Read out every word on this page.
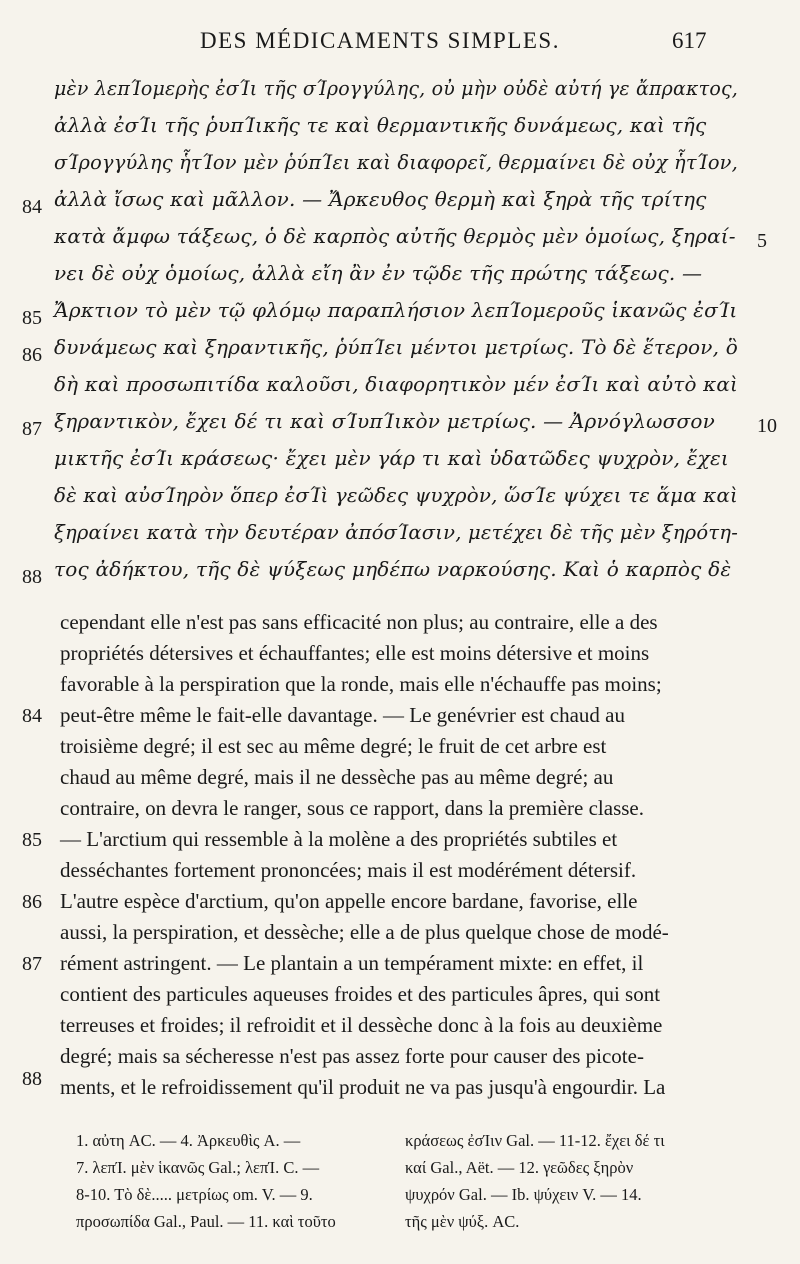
DES MÉDICAMENTS SIMPLES.	617
μὲν λεπΊομερὴς ἐσΊι τῆς σΊρογγύλης, οὐ μὴν οὐδὲ αὐτή γε ἄπρακτος,
ἀλλὰ ἐσΊι τῆς ῥυπΊικῆς τε καὶ θερμαντικῆς δυνάμεως, καὶ τῆς
σΊρογγύλης ἧτΊον μὲν ῥύπΊει καὶ διαφορεῖ, θερμαίνει δὲ οὐχ ἧτΊον,
ἀλλὰ ἴσως καὶ μᾶλλον. — Ἄρκευθος θερμὴ καὶ ξηρὰ τῆς τρίτης
κατὰ ἄμφω τάξεως, ὁ δὲ καρπὸς αὐτῆς θερμὸς μὲν ὁμοίως, ξηραί-
νει δὲ οὐχ ὁμοίως, ἀλλὰ εἴη ἂν ἐν τῷδε τῆς πρώτης τάξεως. —
Ἄρκτιον τὸ μὲν τῷ φλόμῳ παραπλήσιον λεπΊομεροῦς ἱκανῶς ἐσΊι
δυνάμεως καὶ ξηραντικῆς, ῥύπΊει μέντοι μετρίως. Τὸ δὲ ἕτερον, ὃ
δὴ καὶ προσωπιτίδα καλοῦσι, διαφορητικὸν μέν ἐσΊι καὶ αὐτὸ καὶ
ξηραντικὸν, ἔχει δέ τι καὶ σΊυπΊικὸν μετρίως. — Ἀρνόγλωσσον
μικτῆς ἐσΊι κράσεως· ἔχει μὲν γάρ τι καὶ ὑδατῶδες ψυχρὸν, ἔχει
δὲ καὶ αὐσΊηρὸν ὅπερ ἐσΊὶ γεῶδες ψυχρὸν, ὥσΊε ψύχει τε ἅμα καὶ
ξηραίνει κατὰ τὴν δευτέραν ἀπόσΊασιν, μετέχει δὲ τῆς μὲν ξηρότη-
τος ἀδήκτου, τῆς δὲ ψύξεως μηδέπω ναρκούσης. Καὶ ὁ καρπὸς δὲ
84
85
86
87
88
5
10
cependant elle n'est pas sans efficacité non plus; au contraire, elle a des
propriétés détersives et échauffantes; elle est moins détersive et moins
favorable à la perspiration que la ronde, mais elle n'échauffe pas moins;
peut-être même le fait-elle davantage. — Le genévrier est chaud au
troisième degré; il est sec au même degré; le fruit de cet arbre est
chaud au même degré, mais il ne dessèche pas au même degré; au
contraire, on devra le ranger, sous ce rapport, dans la première classe.
— L'arctium qui ressemble à la molène a des propriétés subtiles et
desséchantes fortement prononcées; mais il est modérément détersif.
L'autre espèce d'arctium, qu'on appelle encore bardane, favorise, elle
aussi, la perspiration, et dessèche; elle a de plus quelque chose de modé-
rément astringent. — Le plantain a un tempérament mixte: en effet, il
contient des particules aqueuses froides et des particules âpres, qui sont
terreuses et froides; il refroidit et il dessèche donc à la fois au deuxième
degré; mais sa sécheresse n'est pas assez forte pour causer des picote-
ments, et le refroidissement qu'il produit ne va pas jusqu'à engourdir. La
84
85
86
87
88
1. αὐτη AC. — 4. Ἀρκευθὶς A. —
7. λεπΊ. μὲν ἱκανῶς Gal.; λεπΊ. C. —
8-10. Τὸ δὲ..... μετρίως om. V. — 9.
προσωπίδα Gal., Paul. — 11. καὶ τοῦτο
κράσεως ἐσΊιν Gal. — 11-12. ἔχει δέ τι
καί Gal., Aët. — 12. γεῶδες ξηρὸν
ψυχρόν Gal. — Ib. ψύχειν V. — 14.
τῆς μὲν ψύξ. AC.
